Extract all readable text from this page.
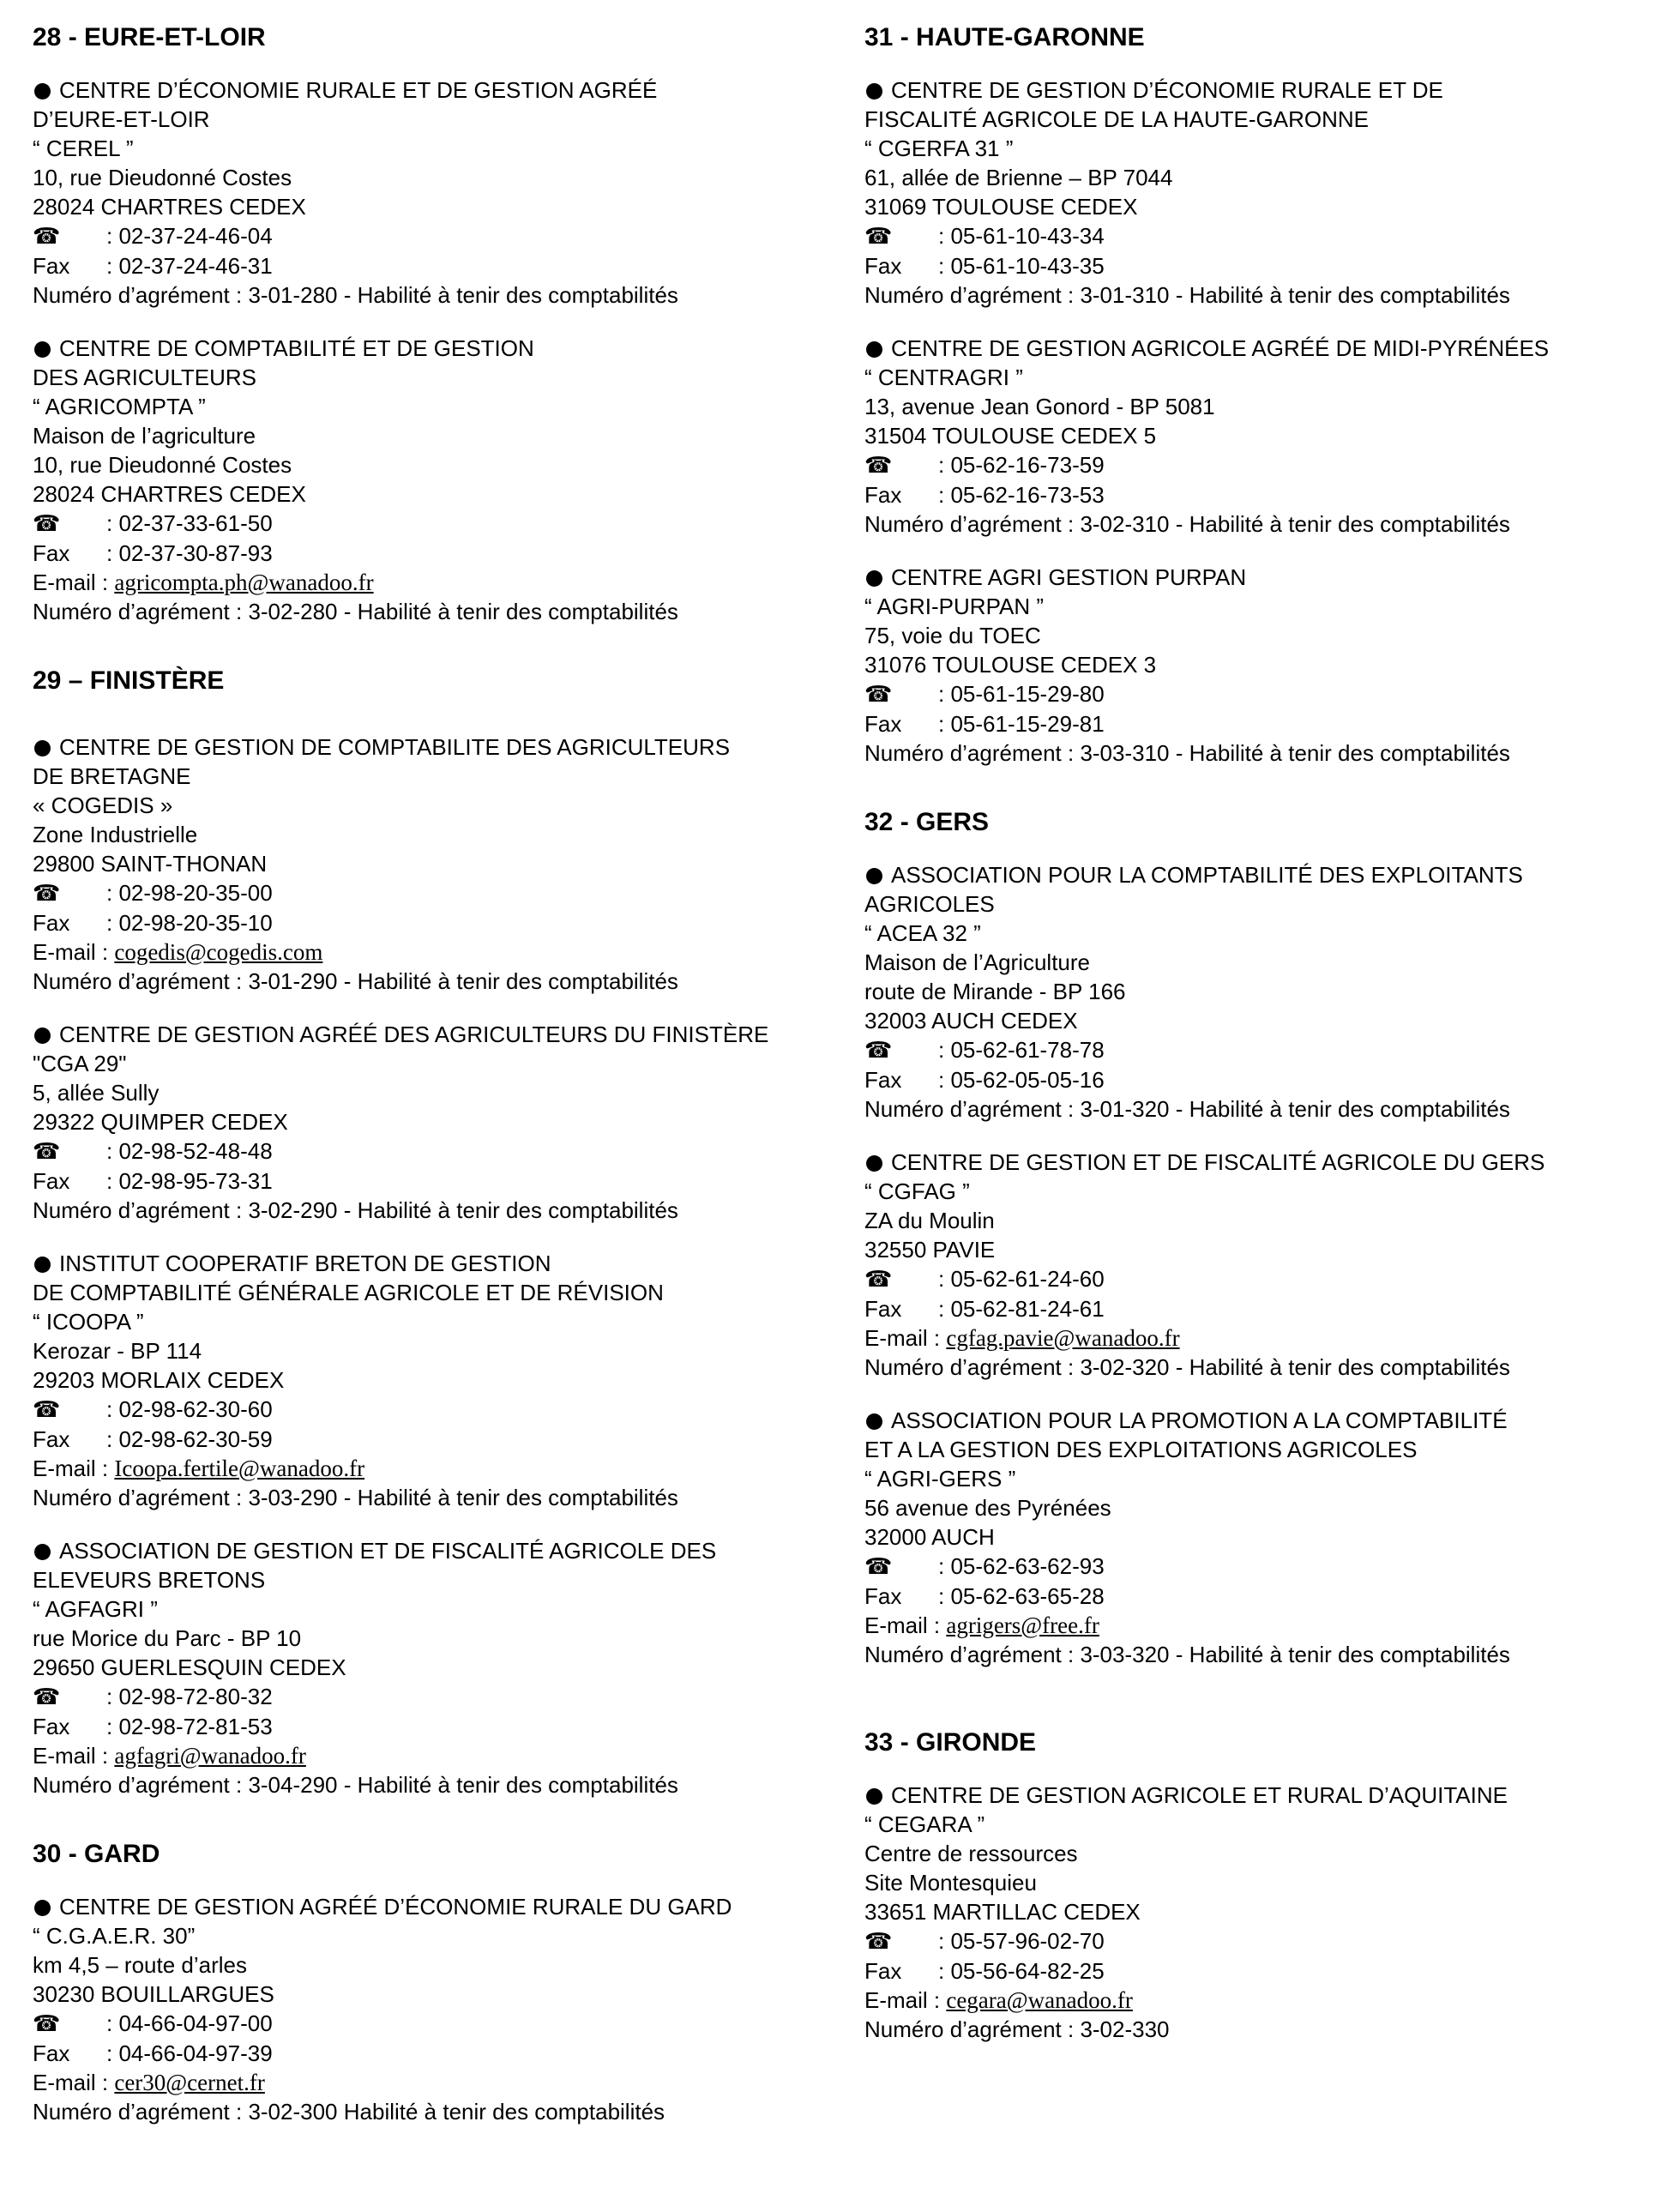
28 - EURE-ET-LOIR
CENTRE D’ÉCONOMIE RURALE ET DE GESTION AGRÉÉ
D’EURE-ET-LOIR
“ CEREL ”
10, rue Dieudonné Costes
28024 CHARTRES CEDEX
☎ : 02-37-24-46-04
Fax : 02-37-24-46-31
Numéro d’agrément : 3-01-280 - Habilité à tenir des comptabilités
CENTRE DE COMPTABILITÉ ET DE GESTION
DES AGRICULTEURS
“ AGRICOMPTA ”
Maison de l’agriculture
10, rue Dieudonné Costes
28024 CHARTRES CEDEX
☎ : 02-37-33-61-50
Fax : 02-37-30-87-93
E-mail : agricompta.ph@wanadoo.fr
Numéro d’agrément : 3-02-280 - Habilité à tenir des comptabilités
29 – FINISTÈRE
CENTRE DE GESTION DE COMPTABILITE DES AGRICULTEURS
DE BRETAGNE
« COGEDIS »
Zone Industrielle
29800 SAINT-THONAN
☎ : 02-98-20-35-00
Fax : 02-98-20-35-10
E-mail : cogedis@cogedis.com
Numéro d’agrément : 3-01-290 - Habilité à tenir des comptabilités
CENTRE DE GESTION AGRÉÉ DES AGRICULTEURS DU FINISTÈRE
"CGA 29"
5, allée Sully
29322 QUIMPER CEDEX
☎ : 02-98-52-48-48
Fax : 02-98-95-73-31
Numéro d’agrément : 3-02-290 - Habilité à tenir des comptabilités
INSTITUT COOPERATIF BRETON DE GESTION
DE COMPTABILITÉ GÉNÉRALE AGRICOLE ET DE RÉVISION
“ ICOOPA ”
Kerozar - BP 114
29203 MORLAIX CEDEX
☎ : 02-98-62-30-60
Fax : 02-98-62-30-59
E-mail : Icoopa.fertile@wanadoo.fr
Numéro d’agrément : 3-03-290 - Habilité à tenir des comptabilités
ASSOCIATION DE GESTION ET DE FISCALITÉ AGRICOLE DES
ELEVEURS BRETONS
“ AGFAGRI ”
rue Morice du Parc - BP 10
29650 GUERLESQUIN CEDEX
☎ : 02-98-72-80-32
Fax : 02-98-72-81-53
E-mail : agfagri@wanadoo.fr
Numéro d’agrément : 3-04-290 - Habilité à tenir des comptabilités
30 - GARD
CENTRE DE GESTION AGRÉÉ D’ÉCONOMIE RURALE DU GARD
“ C.G.A.E.R. 30”
km 4,5 – route d’arles
30230 BOUILLARGUES
☎ : 04-66-04-97-00
Fax : 04-66-04-97-39
E-mail : cer30@cernet.fr
Numéro d’agrément : 3-02-300 Habilité à tenir des comptabilités
31 - HAUTE-GARONNE
CENTRE DE GESTION D’ÉCONOMIE RURALE ET DE
FISCALITÉ AGRICOLE DE LA HAUTE-GARONNE
“ CGERFA 31 ”
61, allée de Brienne – BP 7044
31069 TOULOUSE CEDEX
☎ : 05-61-10-43-34
Fax : 05-61-10-43-35
Numéro d’agrément : 3-01-310 - Habilité à tenir des comptabilités
CENTRE DE GESTION AGRICOLE AGRÉÉ DE MIDI-PYRÉNÉES
“ CENTRAGRI ”
13, avenue Jean Gonord - BP 5081
31504 TOULOUSE CEDEX 5
☎ : 05-62-16-73-59
Fax : 05-62-16-73-53
Numéro d’agrément : 3-02-310 - Habilité à tenir des comptabilités
CENTRE AGRI GESTION PURPAN
“ AGRI-PURPAN ”
75, voie du TOEC
31076 TOULOUSE CEDEX 3
☎ : 05-61-15-29-80
Fax : 05-61-15-29-81
Numéro d’agrément : 3-03-310 - Habilité à tenir des comptabilités
32 - GERS
ASSOCIATION POUR LA COMPTABILITÉ DES EXPLOITANTS
AGRICOLES
“ ACEA 32 ”
Maison de l’Agriculture
route de Mirande - BP 166
32003 AUCH CEDEX
☎ : 05-62-61-78-78
Fax : 05-62-05-05-16
Numéro d’agrément : 3-01-320 - Habilité à tenir des comptabilités
CENTRE DE GESTION ET DE FISCALITÉ AGRICOLE DU GERS
“ CGFAG ”
ZA du Moulin
32550 PAVIE
☎ : 05-62-61-24-60
Fax : 05-62-81-24-61
E-mail : cgfag.pavie@wanadoo.fr
Numéro d’agrément : 3-02-320 - Habilité à tenir des comptabilités
ASSOCIATION POUR LA PROMOTION A LA COMPTABILITÉ
ET A LA GESTION DES EXPLOITATIONS AGRICOLES
“ AGRI-GERS ”
56 avenue des Pyrénées
32000 AUCH
☎ : 05-62-63-62-93
Fax : 05-62-63-65-28
E-mail : agrigers@free.fr
Numéro d’agrément : 3-03-320 - Habilité à tenir des comptabilités
33 - GIRONDE
CENTRE DE GESTION AGRICOLE ET RURAL D’AQUITAINE
“ CEGARA ”
Centre de ressources
Site Montesquieu
33651 MARTILLAC CEDEX
☎ : 05-57-96-02-70
Fax : 05-56-64-82-25
E-mail : cegara@wanadoo.fr
Numéro d’agrément : 3-02-330
